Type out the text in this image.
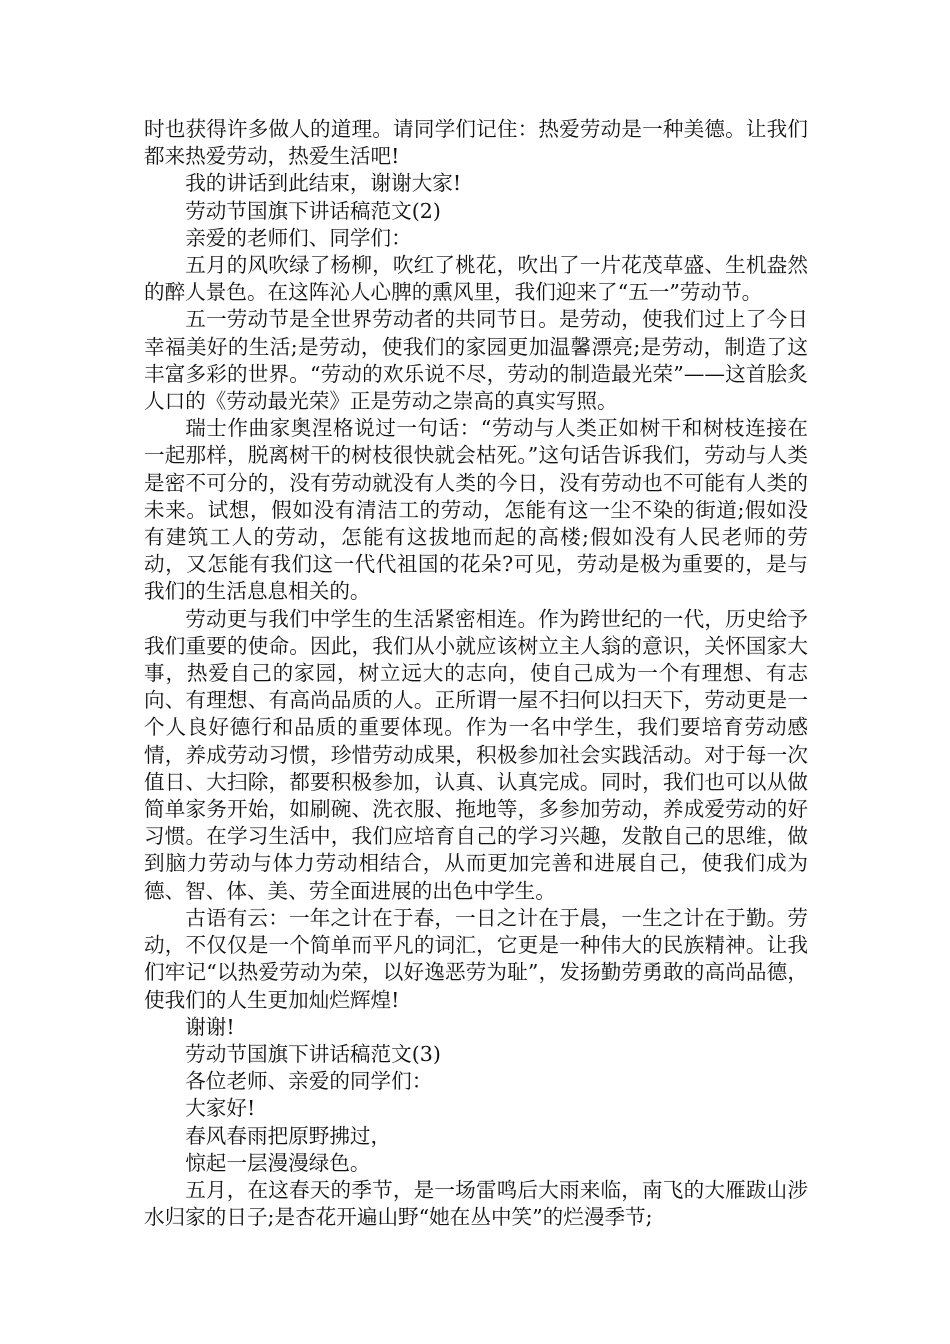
时也获得许多做人的道理。请同学们记住：热爱劳动是一种美德。让我们都来热爱劳动，热爱生活吧!

我的讲话到此结束，谢谢大家!

劳动节国旗下讲话稿范文(2)

亲爱的老师们、同学们：

五月的风吹绿了杨柳，吹红了桃花，吹出了一片花茂草盛、生机盎然的醉人景色。在这阵沁人心脾的熏风里，我们迎来了“五一”劳动节。

五一劳动节是全世界劳动者的共同节日。是劳动，使我们过上了今日幸福美好的生活;是劳动，使我们的家园更加温馨漂亮;是劳动，制造了这丰富多彩的世界。“劳动的欢乐说不尽，劳动的制造最光荣”——这首脍炙人口的《劳动最光荣》正是劳动之崇高的真实写照。

瑞士作曲家奥涅格说过一句话：“劳动与人类正如树干和树枝连接在一起那样，脱离树干的树枝很快就会枯死。”这句话告诉我们，劳动与人类是密不可分的，没有劳动就没有人类的今日，没有劳动也不可能有人类的未来。试想，假如没有清洁工的劳动，怎能有这一尘不染的街道;假如没有建筑工人的劳动，怎能有这拔地而起的高楼;假如没有人民老师的劳动，又怎能有我们这一代代祖国的花朵?可见，劳动是极为重要的，是与我们的生活息息相关的。

劳动更与我们中学生的生活紧密相连。作为跨世纪的一代，历史给予我们重要的使命。因此，我们从小就应该树立主人翁的意识，关怀国家大事，热爱自己的家园，树立远大的志向，使自己成为一个有理想、有志向、有理想、有高尚品质的人。正所谓一屋不扫何以扫天下，劳动更是一个人良好德行和品质的重要体现。作为一名中学生，我们要培育劳动感情，养成劳动习惯，珍惜劳动成果，积极参加社会实践活动。对于每一次值日、大扫除，都要积极参加，认真、认真完成。同时，我们也可以从做简单家务开始，如刷碗、洗衣服、拖地等，多参加劳动，养成爱劳动的好习惯。在学习生活中，我们应培育自己的学习兴趣，发散自己的思维，做到脑力劳动与体力劳动相结合，从而更加完善和进展自己，使我们成为德、智、体、美、劳全面进展的出色中学生。

古语有云：一年之计在于春，一日之计在于晨，一生之计在于勤。劳动，不仅仅是一个简单而平凡的词汇，它更是一种伟大的民族精神。让我们牢记“以热爱劳动为荣，以好逸恶劳为耻”，发扬勤劳勇敢的高尚品德，使我们的人生更加灿烂辉煌!

谢谢!

劳动节国旗下讲话稿范文(3)

各位老师、亲爱的同学们：

大家好!

春风春雨把原野拂过，

惊起一层漫漫绿色。

五月，在这春天的季节，是一场雷鸣后大雨来临，南飞的大雁跋山涉水归家的日子;是杏花开遍山野“她在丛中笑”的烂漫季节;
